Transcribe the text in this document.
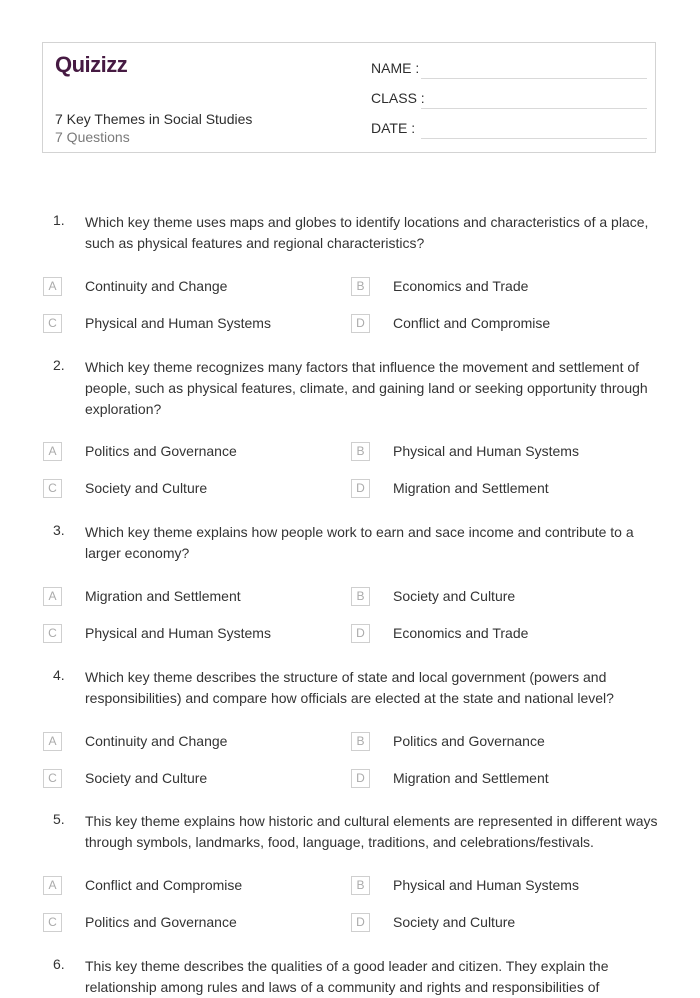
Quizizz
7 Key Themes in Social Studies
7 Questions
NAME :
CLASS :
DATE :
1. Which key theme uses maps and globes to identify locations and characteristics of a place, such as physical features and regional characteristics?
A	Continuity and Change	B	Economics and Trade
C	Physical and Human Systems	D	Conflict and Compromise
2. Which key theme recognizes many factors that influence the movement and settlement of people, such as physical features, climate, and gaining land or seeking opportunity through exploration?
A	Politics and Governance	B	Physical and Human Systems
C	Society and Culture	D	Migration and Settlement
3. Which key theme explains how people work to earn and sace income and contribute to a larger economy?
A	Migration and Settlement	B	Society and Culture
C	Physical and Human Systems	D	Economics and Trade
4. Which key theme describes the structure of state and local government (powers and responsibilities) and compare how officials are elected at the state and national level?
A	Continuity and Change	B	Politics and Governance
C	Society and Culture	D	Migration and Settlement
5. This key theme explains how historic and cultural elements are represented in different ways through symbols, landmarks, food, language, traditions, and celebrations/festivals.
A	Conflict and Compromise	B	Physical and Human Systems
C	Politics and Governance	D	Society and Culture
6. This key theme describes the qualities of a good leader and citizen. They explain the relationship among rules and laws of a community and rights and responsibilities of
